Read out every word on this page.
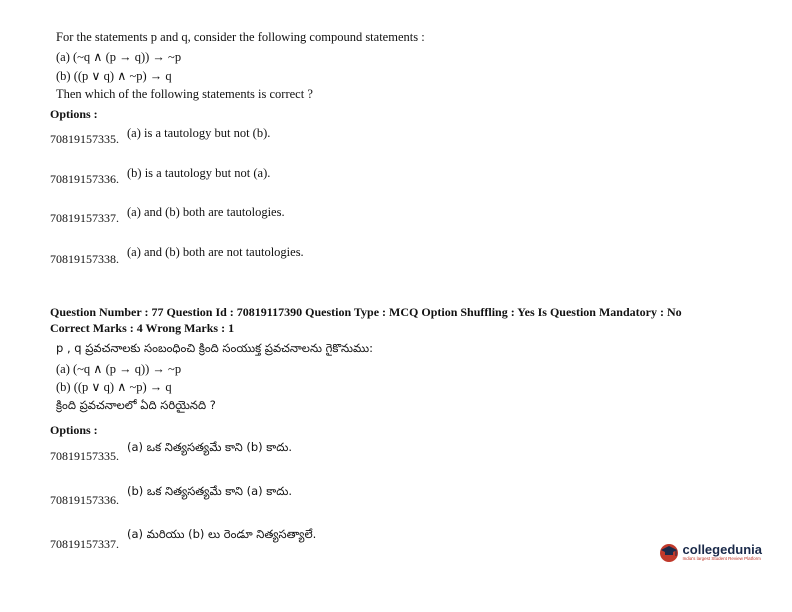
For the statements p and q, consider the following compound statements :
(a) (~q ∧ (p → q)) → ~p
(b) ((p ∨ q) ∧ ~p) → q
Then which of the following statements is correct ?
Options :
70819157335. (a) is a tautology but not (b).
70819157336. (b) is a tautology but not (a).
70819157337. (a) and (b) both are tautologies.
70819157338. (a) and (b) both are not tautologies.
Question Number : 77 Question Id : 70819117390 Question Type : MCQ Option Shuffling : Yes Is Question Mandatory : No
Correct Marks : 4 Wrong Marks : 1
p , q ప్రవచనాలకు సంబంధించి క్రింది సంయుక్త ప్రవచనాలను గైకొనుము:
(a) (~q ∧ (p → q)) → ~p
(b) ((p ∨ q) ∧ ~p) → q
క్రింది ప్రవచనాలలో ఏది సరియైనది ?
Options :
70819157335.
(a) ఒక నిత్యసత్యమే కాని (b) కాదు.
70819157336.
(b) ఒక నిత్యసత్యమే కాని (a) కాదు.
70819157337.
(a) మరియు (b) లు రెండూ నిత్యసత్యాలే.
collegedunia
India's largest Student Review Platform
